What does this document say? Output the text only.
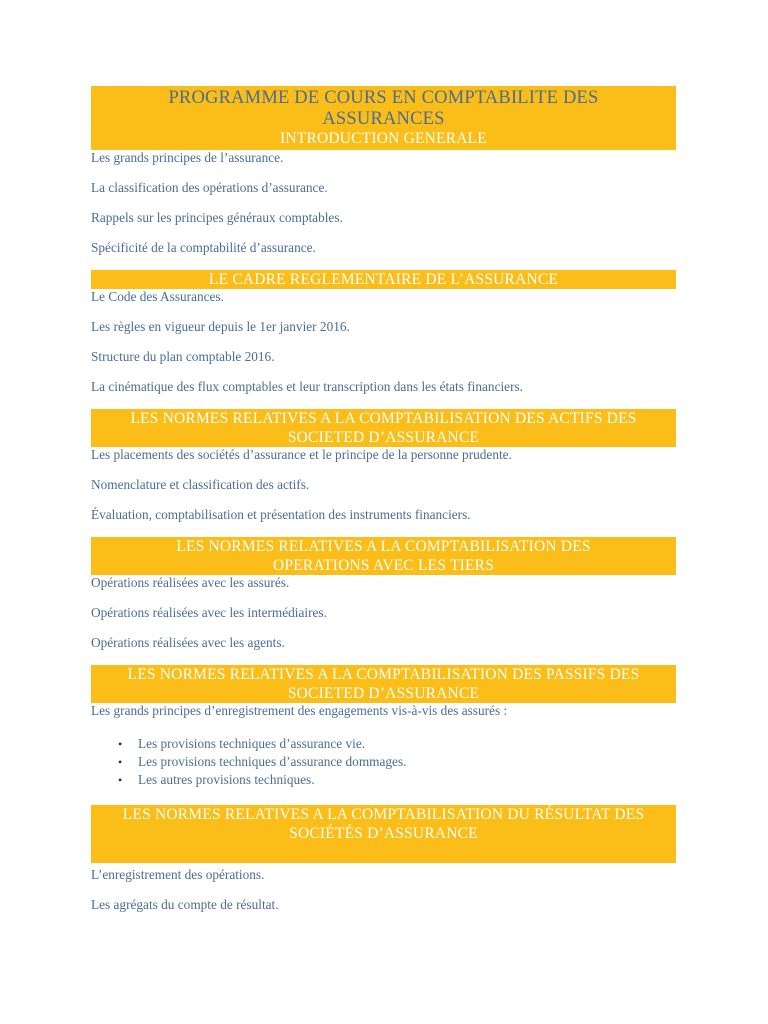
PROGRAMME DE COURS EN COMPTABILITE DES ASSURANCES
INTRODUCTION GENERALE

Les grands principes de l’assurance.

La classification des opérations d’assurance.

Rappels sur les principes généraux comptables.

Spécificité de la comptabilité d’assurance.

LE CADRE REGLEMENTAIRE DE L’ASSURANCE

Le Code des Assurances.

Les règles en vigueur depuis le 1er janvier 2016.

Structure du plan comptable 2016.

La cinématique des flux comptables et leur transcription dans les états financiers.

LES NORMES RELATIVES A LA COMPTABILISATION DES ACTIFS DES SOCIETED D’ASSURANCE

Les placements des sociétés d’assurance et le principe de la personne prudente.

Nomenclature et classification des actifs.

Évaluation, comptabilisation et présentation des instruments financiers.

LES NORMES RELATIVES A LA COMPTABILISATION DES OPERATIONS AVEC LES TIERS

Opérations réalisées avec les assurés.

Opérations réalisées avec les intermédiaires.

Opérations réalisées avec les agents.

LES NORMES RELATIVES A LA COMPTABILISATION DES PASSIFS DES SOCIETED D’ASSURANCE

Les grands principes d’enregistrement des engagements vis-à-vis des assurés :

• Les provisions techniques d’assurance vie.
• Les provisions techniques d’assurance dommages.
• Les autres provisions techniques.
LES NORMES RELATIVES A LA COMPTABILISATION DU RÉSULTAT DES SOCIÉTÉS D’ASSURANCE

L’enregistrement des opérations.

Les agrégats du compte de résultat.
